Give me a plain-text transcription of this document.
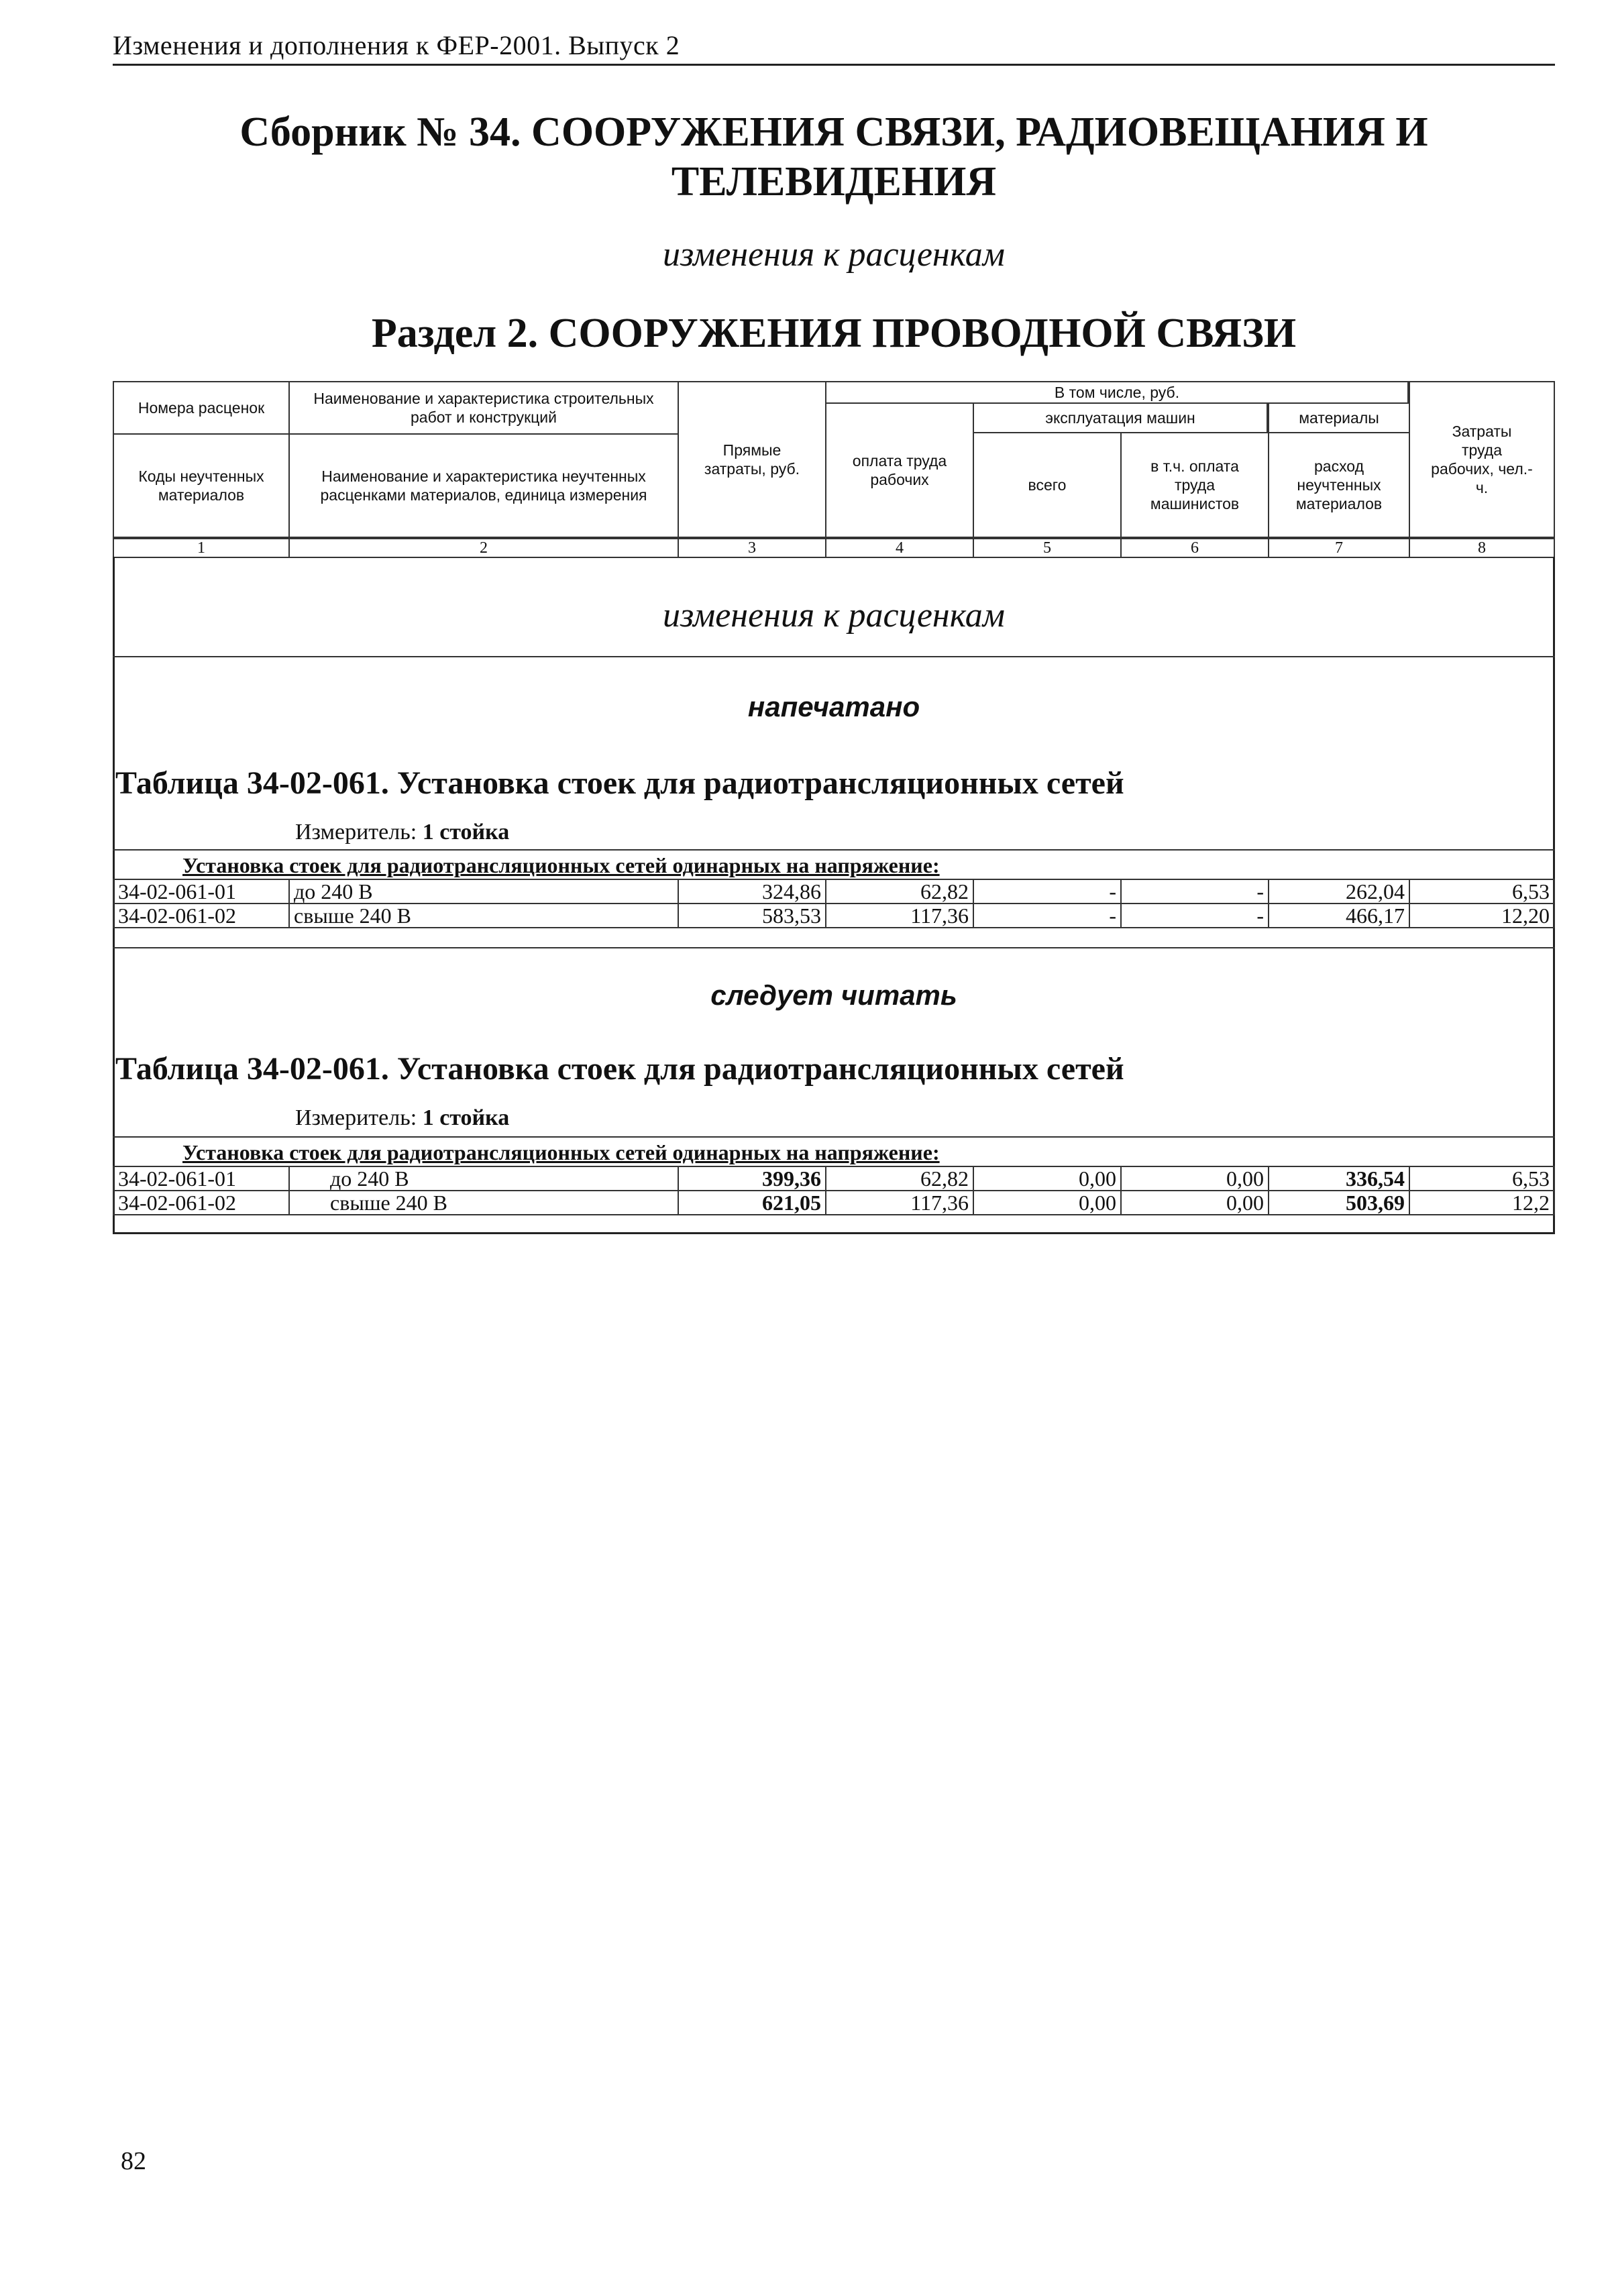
Изменения и дополнения к ФЕР-2001. Выпуск 2
Сборник № 34. СООРУЖЕНИЯ СВЯЗИ, РАДИОВЕЩАНИЯ И
ТЕЛЕВИДЕНИЯ
изменения к расценкам
Раздел 2. СООРУЖЕНИЯ ПРОВОДНОЙ СВЯЗИ
Номера расценок
Коды неучтенных материалов
Наименование и характеристика строительных работ и конструкций
Наименование и характеристика неучтенных расценками материалов, единица измерения
Прямые затраты, руб.
В том числе, руб.
оплата труда рабочих
эксплуатация машин
всего
в т.ч. оплата труда машинистов
материалы
расход неучтенных материалов
Затраты труда рабочих, чел.-ч.
1	2	3	4	5	6	7	8
изменения к расценкам
напечатано
Таблица 34-02-061. Установка стоек для радиотрансляционных сетей
Измеритель: 1 стойка
Установка стоек для радиотрансляционных сетей одинарных на напряжение:
34-02-061-01	до 240 В	324,86	62,82	-	-	262,04	6,53
34-02-061-02	свыше 240 В	583,53	117,36	-	-	466,17	12,20
следует читать
Таблица 34-02-061. Установка стоек для радиотрансляционных сетей
Измеритель: 1 стойка
Установка стоек для радиотрансляционных сетей одинарных на напряжение:
34-02-061-01	до 240 В	399,36	62,82	0,00	0,00	336,54	6,53
34-02-061-02	свыше 240 В	621,05	117,36	0,00	0,00	503,69	12,2
82
